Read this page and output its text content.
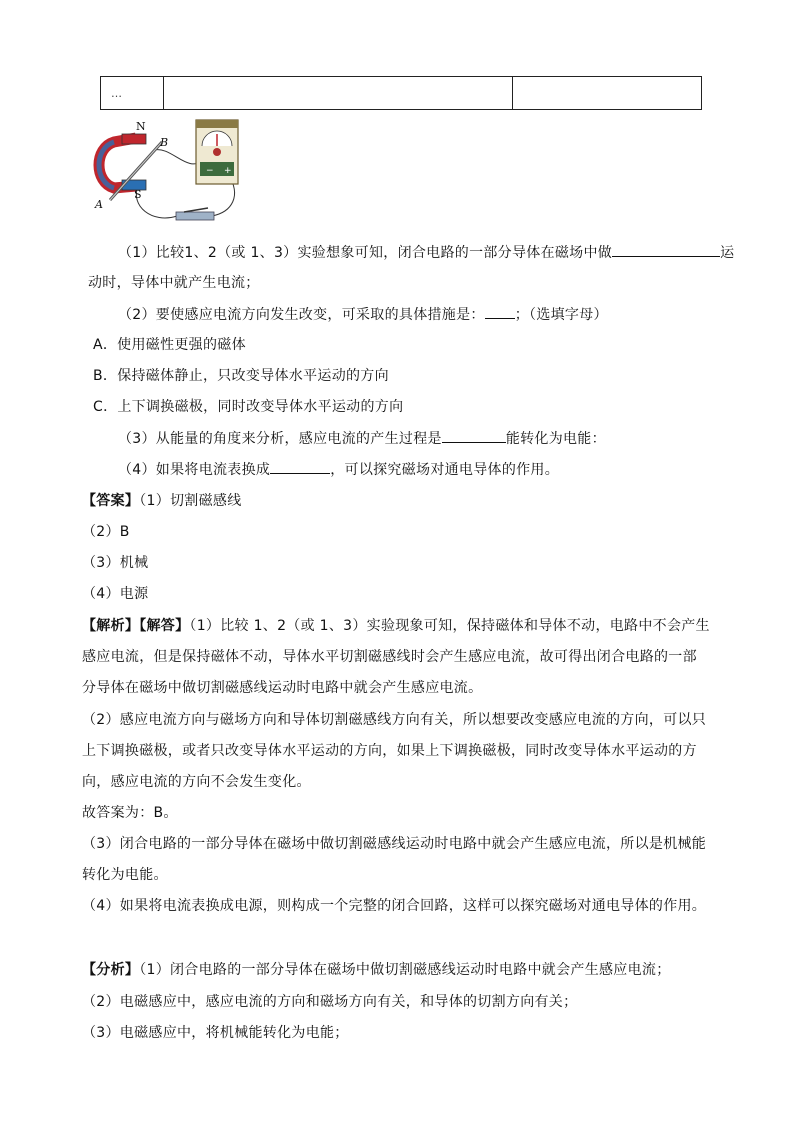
…		
− +
N
B
S
A
（1）比较1、2（或 1、3）实验想象可知，闭合电路的一部分导体在磁场中做	运
动时，导体中就产生电流；
（2）要使感应电流方向发生改变，可采取的具体措施是： ；（选填字母）
A．使用磁性更强的磁体
B．保持磁体静止，只改变导体水平运动的方向
C．上下调换磁极，同时改变导体水平运动的方向
（3）从能量的角度来分析，感应电流的产生过程是	能转化为电能：
（4）如果将电流表换成	，可以探究磁场对通电导体的作用。
【答案】（1）切割磁感线
（2）B
（3）机械
（4）电源
【解析】【解答】（1）比较 1、2（或 1、3）实验现象可知，保持磁体和导体不动，电路中不会产生
感应电流，但是保持磁体不动，导体水平切割磁感线时会产生感应电流，故可得出闭合电路的一部
分导体在磁场中做切割磁感线运动时电路中就会产生感应电流。
（2）感应电流方向与磁场方向和导体切割磁感线方向有关，所以想要改变感应电流的方向，可以只
上下调换磁极，或者只改变导体水平运动的方向，如果上下调换磁极，同时改变导体水平运动的方
向，感应电流的方向不会发生变化。
故答案为：B。
（3）闭合电路的一部分导体在磁场中做切割磁感线运动时电路中就会产生感应电流，所以是机械能
转化为电能。
（4）如果将电流表换成电源，则构成一个完整的闭合回路，这样可以探究磁场对通电导体的作用。
【分析】（1）闭合电路的一部分导体在磁场中做切割磁感线运动时电路中就会产生感应电流；
（2）电磁感应中，感应电流的方向和磁场方向有关，和导体的切割方向有关；
（3）电磁感应中，将机械能转化为电能；
